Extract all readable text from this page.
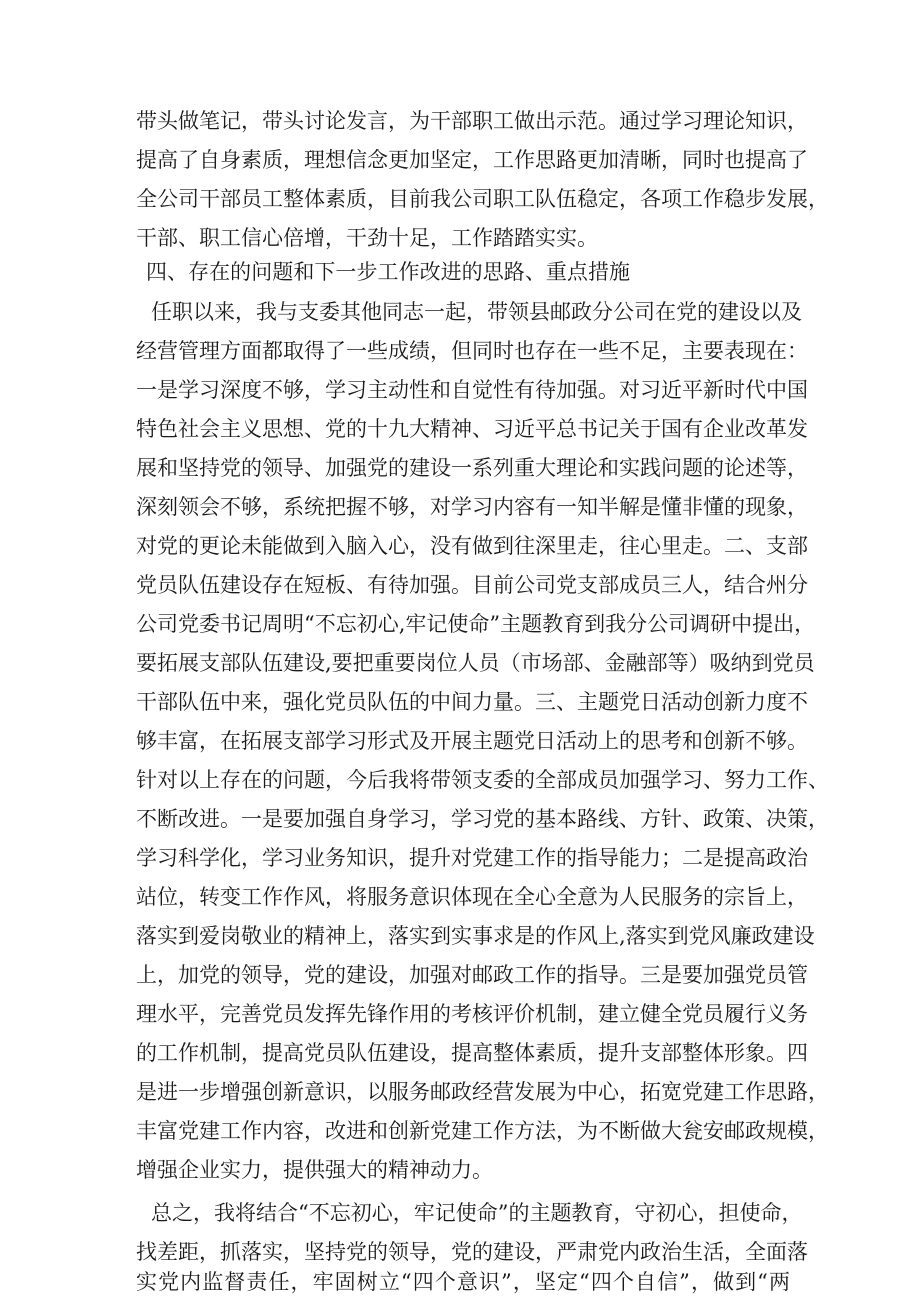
带头做笔记，带头讨论发言，为干部职工做出示范。通过学习理论知识，
提高了自身素质，理想信念更加坚定，工作思路更加清晰，同时也提高了
全公司干部员工整体素质，目前我公司职工队伍稳定，各项工作稳步发展，
干部、职工信心倍增，干劲十足，工作踏踏实实。
四、存在的问题和下一步工作改进的思路、重点措施
任职以来，我与支委其他同志一起，带领县邮政分公司在党的建设以及
经营管理方面都取得了一些成绩，但同时也存在一些不足，主要表现在：
一是学习深度不够，学习主动性和自觉性有待加强。对习近平新时代中国
特色社会主义思想、党的十九大精神、习近平总书记关于国有企业改革发
展和坚持党的领导、加强党的建设一系列重大理论和实践问题的论述等，
深刻领会不够，系统把握不够，对学习内容有一知半解是懂非懂的现象，
对党的更论未能做到入脑入心，没有做到往深里走，往心里走。二、支部
党员队伍建设存在短板、有待加强。目前公司党支部成员三人，结合州分
公司党委书记周明“不忘初心,牢记使命”主题教育到我分公司调研中提出，
要拓展支部队伍建设,要把重要岗位人员（市场部、金融部等）吸纳到党员
干部队伍中来，强化党员队伍的中间力量。三、主题党日活动创新力度不
够丰富，在拓展支部学习形式及开展主题党日活动上的思考和创新不够。
针对以上存在的问题，今后我将带领支委的全部成员加强学习、努力工作、
不断改进。一是要加强自身学习，学习党的基本路线、方针、政策、决策，
学习科学化，学习业务知识，提升对党建工作的指导能力；二是提高政治
站位，转变工作作风，将服务意识体现在全心全意为人民服务的宗旨上，
落实到爱岗敬业的精神上，落实到实事求是的作风上,落实到党风廉政建设
上，加党的领导，党的建设，加强对邮政工作的指导。三是要加强党员管
理水平，完善党员发挥先锋作用的考核评价机制，建立健全党员履行义务
的工作机制，提高党员队伍建设，提高整体素质，提升支部整体形象。四
是进一步增强创新意识，以服务邮政经营发展为中心，拓宽党建工作思路，
丰富党建工作内容，改进和创新党建工作方法，为不断做大瓮安邮政规模，
增强企业实力，提供强大的精神动力。
总之，我将结合“不忘初心，牢记使命”的主题教育，守初心，担使命，
找差距，抓落实，坚持党的领导，党的建设，严肃党内政治生活，全面落
实党内监督责任，牢固树立“四个意识”，坚定“四个自信”，做到“两
